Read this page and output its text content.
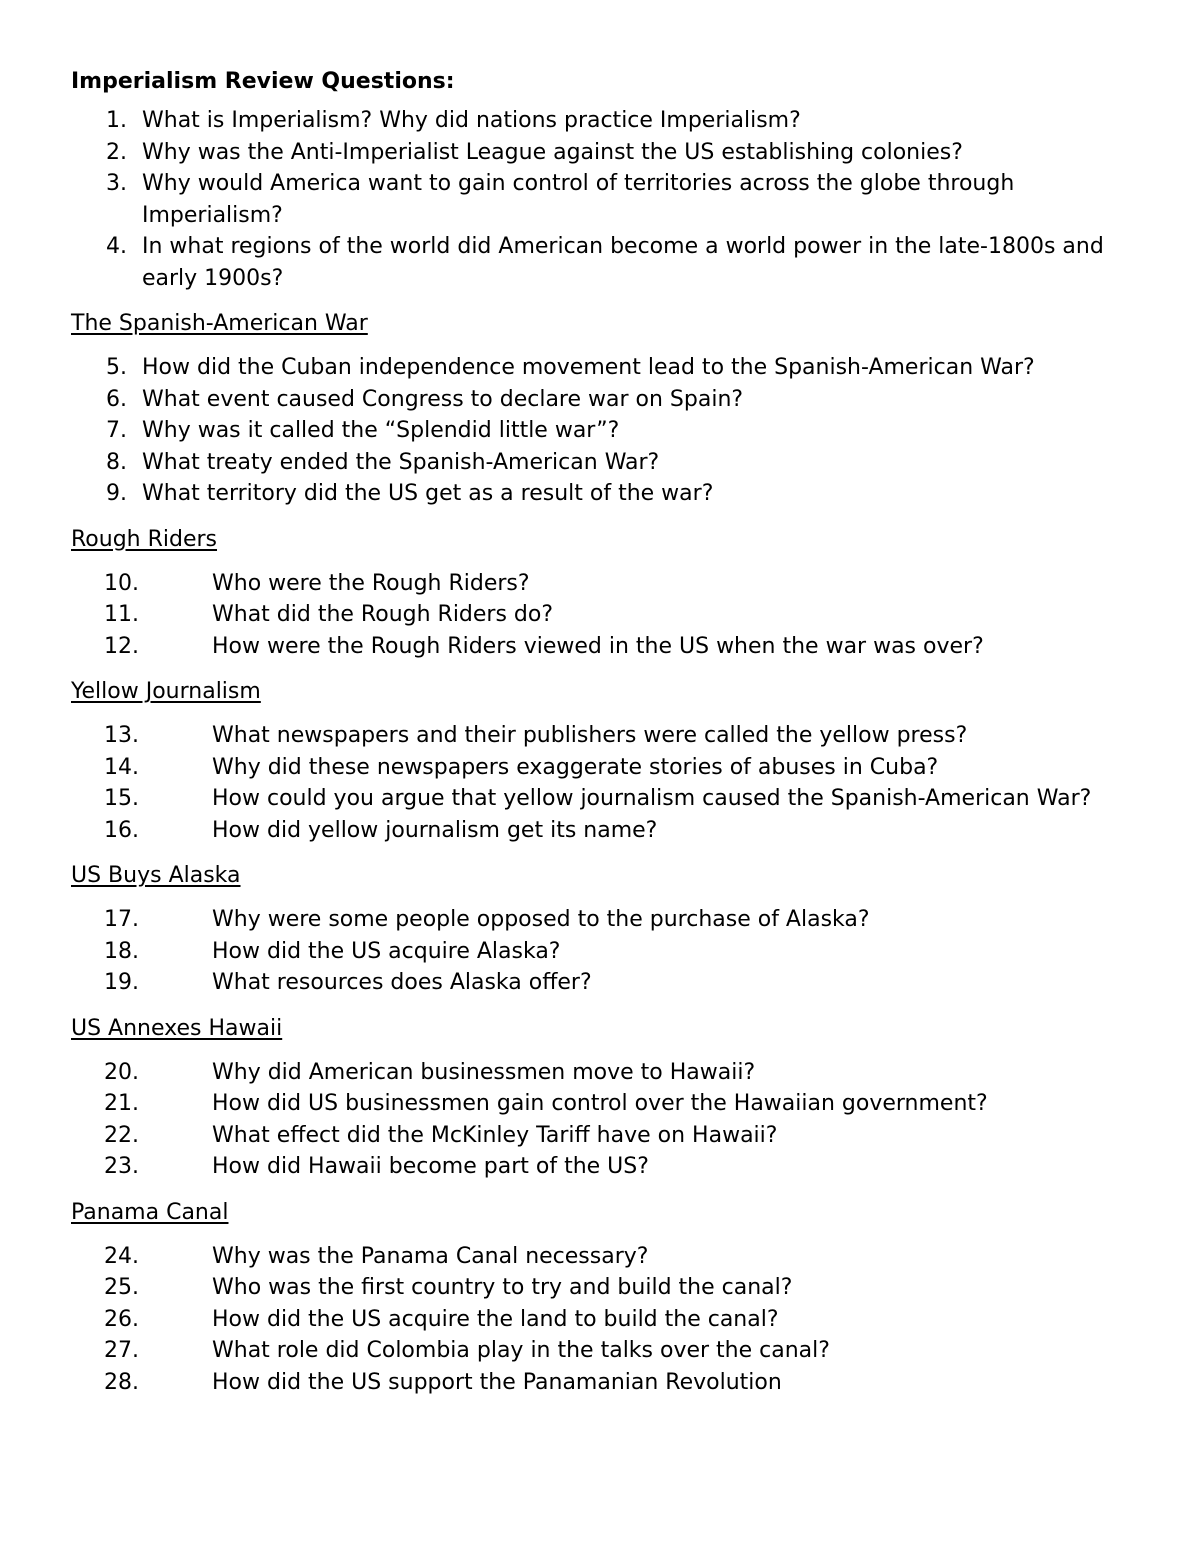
Imperialism Review Questions:
1. What is Imperialism? Why did nations practice Imperialism?
2. Why was the Anti-Imperialist League against the US establishing colonies?
3. Why would America want to gain control of territories across the globe through Imperialism?
4. In what regions of the world did American become a world power in the late-1800s and early 1900s?
The Spanish-American War
5. How did the Cuban independence movement lead to the Spanish-American War?
6. What event caused Congress to declare war on Spain?
7. Why was it called the “Splendid little war”?
8. What treaty ended the Spanish-American War?
9. What territory did the US get as a result of the war?
Rough Riders
10.	Who were the Rough Riders?
11.	What did the Rough Riders do?
12.	How were the Rough Riders viewed in the US when the war was over?
Yellow Journalism
13.	What newspapers and their publishers were called the yellow press?
14.	Why did these newspapers exaggerate stories of abuses in Cuba?
15.	How could you argue that yellow journalism caused the Spanish-American War?
16.	How did yellow journalism get its name?
US Buys Alaska
17.	Why were some people opposed to the purchase of Alaska?
18.	How did the US acquire Alaska?
19.	What resources does Alaska offer?
US Annexes Hawaii
20.	Why did American businessmen move to Hawaii?
21.	How did US businessmen gain control over the Hawaiian government?
22.	What effect did the McKinley Tariff have on Hawaii?
23.	How did Hawaii become part of the US?
Panama Canal
24.	Why was the Panama Canal necessary?
25.	Who was the first country to try and build the canal?
26.	How did the US acquire the land to build the canal?
27.	What role did Colombia play in the talks over the canal?
28.	How did the US support the Panamanian Revolution
